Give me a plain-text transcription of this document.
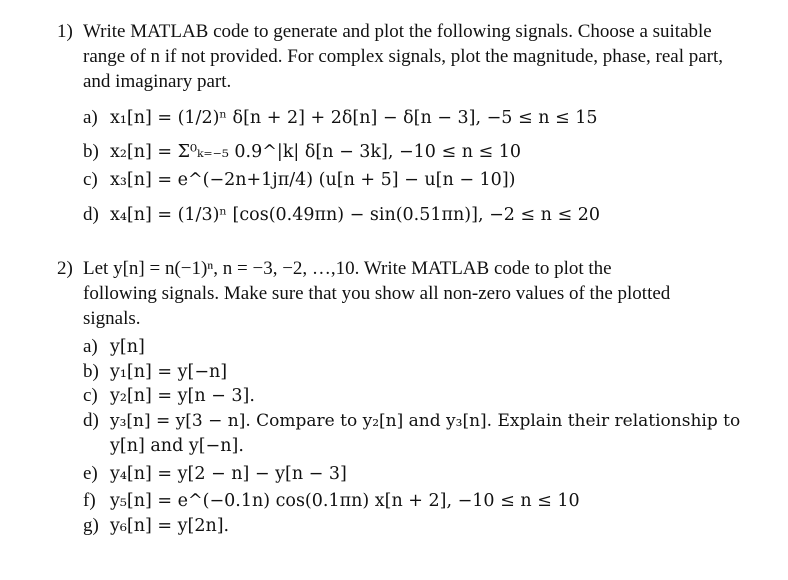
1) Write MATLAB code to generate and plot the following signals. Choose a suitable
range of n if not provided. For complex signals, plot the magnitude, phase, real part,
and imaginary part.
a) x₁[n] = (1/2)ⁿ δ[n + 2] + 2δ[n] − δ[n − 3], −5 ≤ n ≤ 15
b) x₂[n] = Σ⁰ₖ₌₋₅ 0.9^|k| δ[n − 3k], −10 ≤ n ≤ 10
c) x₃[n] = e^(−2n+1jπ/4) (u[n + 5] − u[n − 10])
d) x₄[n] = (1/3)ⁿ [cos(0.49πn) − sin(0.51πn)], −2 ≤ n ≤ 20
2) Let y[n] = n(−1)ⁿ, n = −3, −2, …,10. Write MATLAB code to plot the
following signals. Make sure that you show all non-zero values of the plotted
signals.
a) y[n]
b) y₁[n] = y[−n]
c) y₂[n] = y[n − 3].
d) y₃[n] = y[3 − n]. Compare to y₂[n] and y₃[n]. Explain their relationship to
y[n] and y[−n].
e) y₄[n] = y[2 − n] − y[n − 3]
f) y₅[n] = e^(−0.1n) cos(0.1πn) x[n + 2], −10 ≤ n ≤ 10
g) y₆[n] = y[2n].
